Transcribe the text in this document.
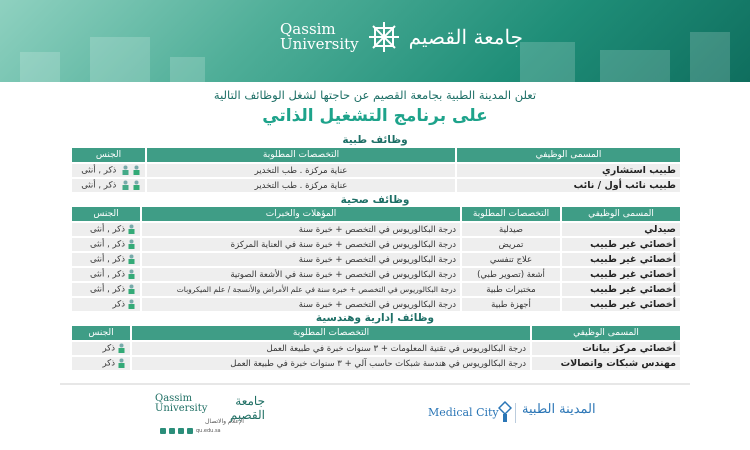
Qassim
University	جامعة القصيم
تعلن المدينة الطبية بجامعة القصيم عن حاجتها لشغل الوظائف التالية
على برنامج التشغيل الذاتي
وظائف طبية
المسمى الوظيفي	التخصصات المطلوبة	الجنس
طبيب استشاري	عناية مركزة . طب التخدير	ذكر , أنثى
طبيب نائب أول / نائب	عناية مركزة . طب التخدير	ذكر , أنثى
وظائف صحية
المسمى الوظيفي	التخصصات المطلوبة	المؤهلات والخبرات	الجنس
صيدلي	صيدلية	درجة البكالوريوس في التخصص + خبرة سنة	ذكر , أنثى
أخصائي غير طبيب	تمريض	درجة البكالوريوس في التخصص + خبرة سنة في العناية المركزة	ذكر , أنثى
أخصائي غير طبيب	علاج تنفسي	درجة البكالوريوس في التخصص + خبرة سنة	ذكر , أنثى
أخصائي غير طبيب	أشعة (تصوير طبي)	درجة البكالوريوس في التخصص + خبرة سنة في الأشعة الصوتية	ذكر , أنثى
أخصائي غير طبيب	مختبرات طبية	درجة البكالوريوس في التخصص + خبرة سنة في علم الأمراض والأنسجة / علم الميكروبات	ذكر , أنثى
أخصائي غير طبيب	أجهزة طبية	درجة البكالوريوس في التخصص + خبرة سنة	ذكر
وظائف إدارية وهندسية
المسمى الوظيفي	التخصصات المطلوبة	الجنس
أخصائي مركز بيانات	درجة البكالوريوس في تقنية المعلومات + ٣ سنوات خبرة في طبيعة العمل	ذكر
مهندس شبكات واتصالات	درجة البكالوريوس في هندسة شبكات حاسب آلي + ٣ سنوات خبرة في طبيعة العمل	ذكر
Qassim
University
جامعة القصيم
الإعلام والاتصال
qu.edu.sa
Medical City المدينة الطبية
